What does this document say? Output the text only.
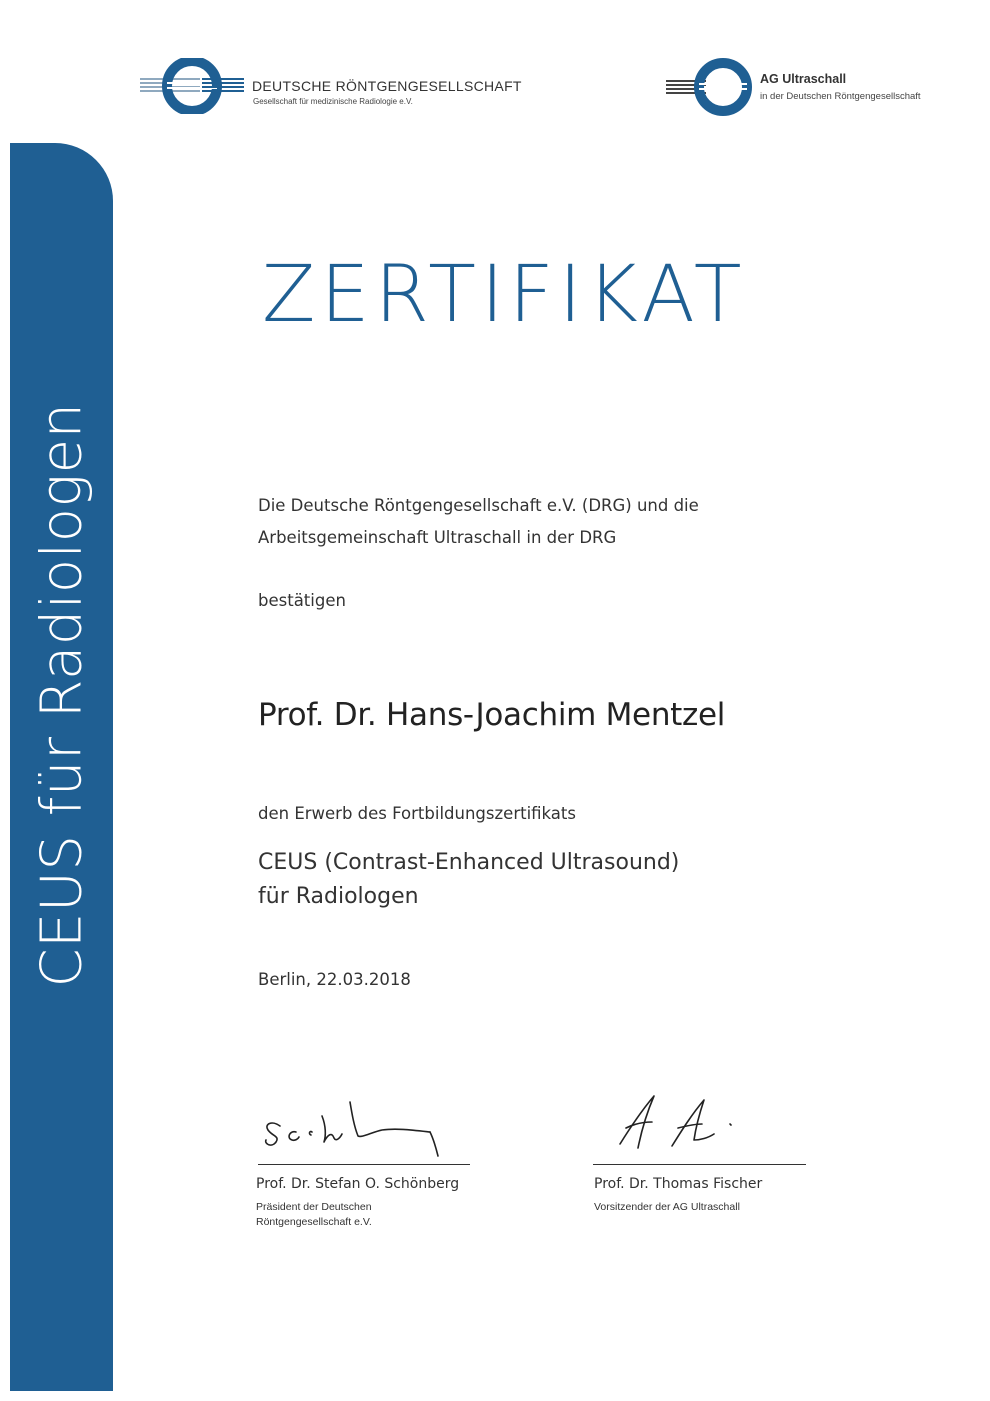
CEUS für Radiologen
DEUTSCHE RÖNTGENGESELLSCHAFT
Gesellschaft für medizinische Radiologie e.V.
AG Ultraschall
in der Deutschen Röntgengesellschaft
ZERTIFIKAT
Die Deutsche Röntgengesellschaft e.V. (DRG) und die
Arbeitsgemeinschaft Ultraschall in der DRG
bestätigen
Prof. Dr. Hans-Joachim Mentzel
den Erwerb des Fortbildungszertifikats
CEUS (Contrast-Enhanced Ultrasound)
für Radiologen
Berlin, 22.03.2018
Prof. Dr. Stefan O. Schönberg
Präsident der Deutschen
Röntgengesellschaft e.V.
Prof. Dr. Thomas Fischer
Vorsitzender der AG Ultraschall
